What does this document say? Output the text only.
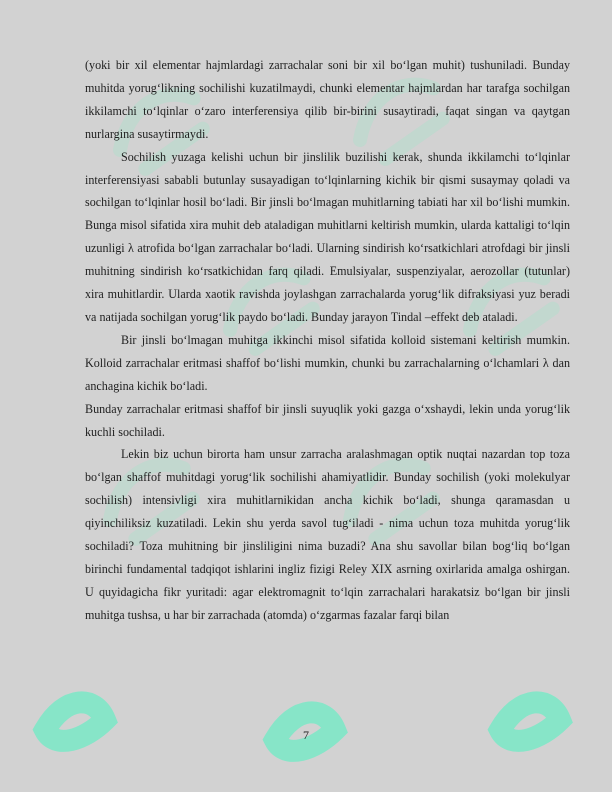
(yoki bir xil elementar hajmlardagi zarrachalar soni bir xil bo‘lgan muhit) tushuniladi. Bunday muhitda yorug‘likning sochilishi kuzatilmaydi, chunki elementar hajmlardan har tarafga sochilgan ikkilamchi to‘lqinlar o‘zaro interferensiya qilib bir-birini susaytiradi, faqat singan va qaytgan nurlargina susaytirmaydi.

Sochilish yuzaga kelishi uchun bir jinslilik buzilishi kerak, shunda ikkilamchi to‘lqinlar interferensiyasi sababli butunlay susayadigan to‘lqinlarning kichik bir qismi susaymay qoladi va sochilgan to‘lqinlar hosil bo‘ladi. Bir jinsli bo‘lmagan muhitlarning tabiati har xil bo‘lishi mumkin. Bunga misol sifatida xira muhit deb ataladigan muhitlarni keltirish mumkin, ularda kattaligi to‘lqin uzunligi λ atrofida bo‘lgan zarrachalar bo‘ladi. Ularning sindirish ko‘rsatkichlari atrofdagi bir jinsli muhitning sindirish ko‘rsatkichidan farq qiladi. Emulsiyalar, suspenziyalar, aerozollar (tutunlar) xira muhitlardir. Ularda xaotik ravishda joylashgan zarrachalarda yorug‘lik difraksiyasi yuz beradi va natijada sochilgan yorug‘lik paydo bo‘ladi. Bunday jarayon Tindal –effekt deb ataladi.

Bir jinsli bo‘lmagan muhitga ikkinchi misol sifatida kolloid sistemani keltirish mumkin. Kolloid zarrachalar eritmasi shaffof bo‘lishi mumkin, chunki bu zarrachalarning o‘lchamlari λ dan anchagina kichik bo‘ladi.

Bunday zarrachalar eritmasi shaffof bir jinsli suyuqlik yoki gazga o‘xshaydi, lekin unda yorug‘lik kuchli sochiladi.

Lekin biz uchun birorta ham unsur zarracha aralashmagan optik nuqtai nazardan toр toza bo‘lgan shaffof muhitdagi yorug‘lik sochilishi ahamiyatlidir. Bunday sochilish (yoki molekulyar sochilish) intensivligi xira muhitlarnikidan ancha kichik bo‘ladi, shunga qaramasdan u qiyinchiliksiz kuzatiladi. Lekin shu yerda savol tug‘iladi - nima uchun toza muhitda yorug‘lik sochiladi? Toza muhitning bir jinsliligini nima buzadi? Ana shu savollar bilan bog‘liq bo‘lgan birinchi fundamental tadqiqot ishlarini ingliz fizigi Reley XIX asrning oxirlarida amalga oshirgan. U quyidagicha fikr yuritadi: agar elektromagnit to‘lqin zarrachalari harakatsiz bo‘lgan bir jinsli muhitga tushsa, u har bir zarrachada (atomda) o‘zgarmas fazalar farqi bilan

7
